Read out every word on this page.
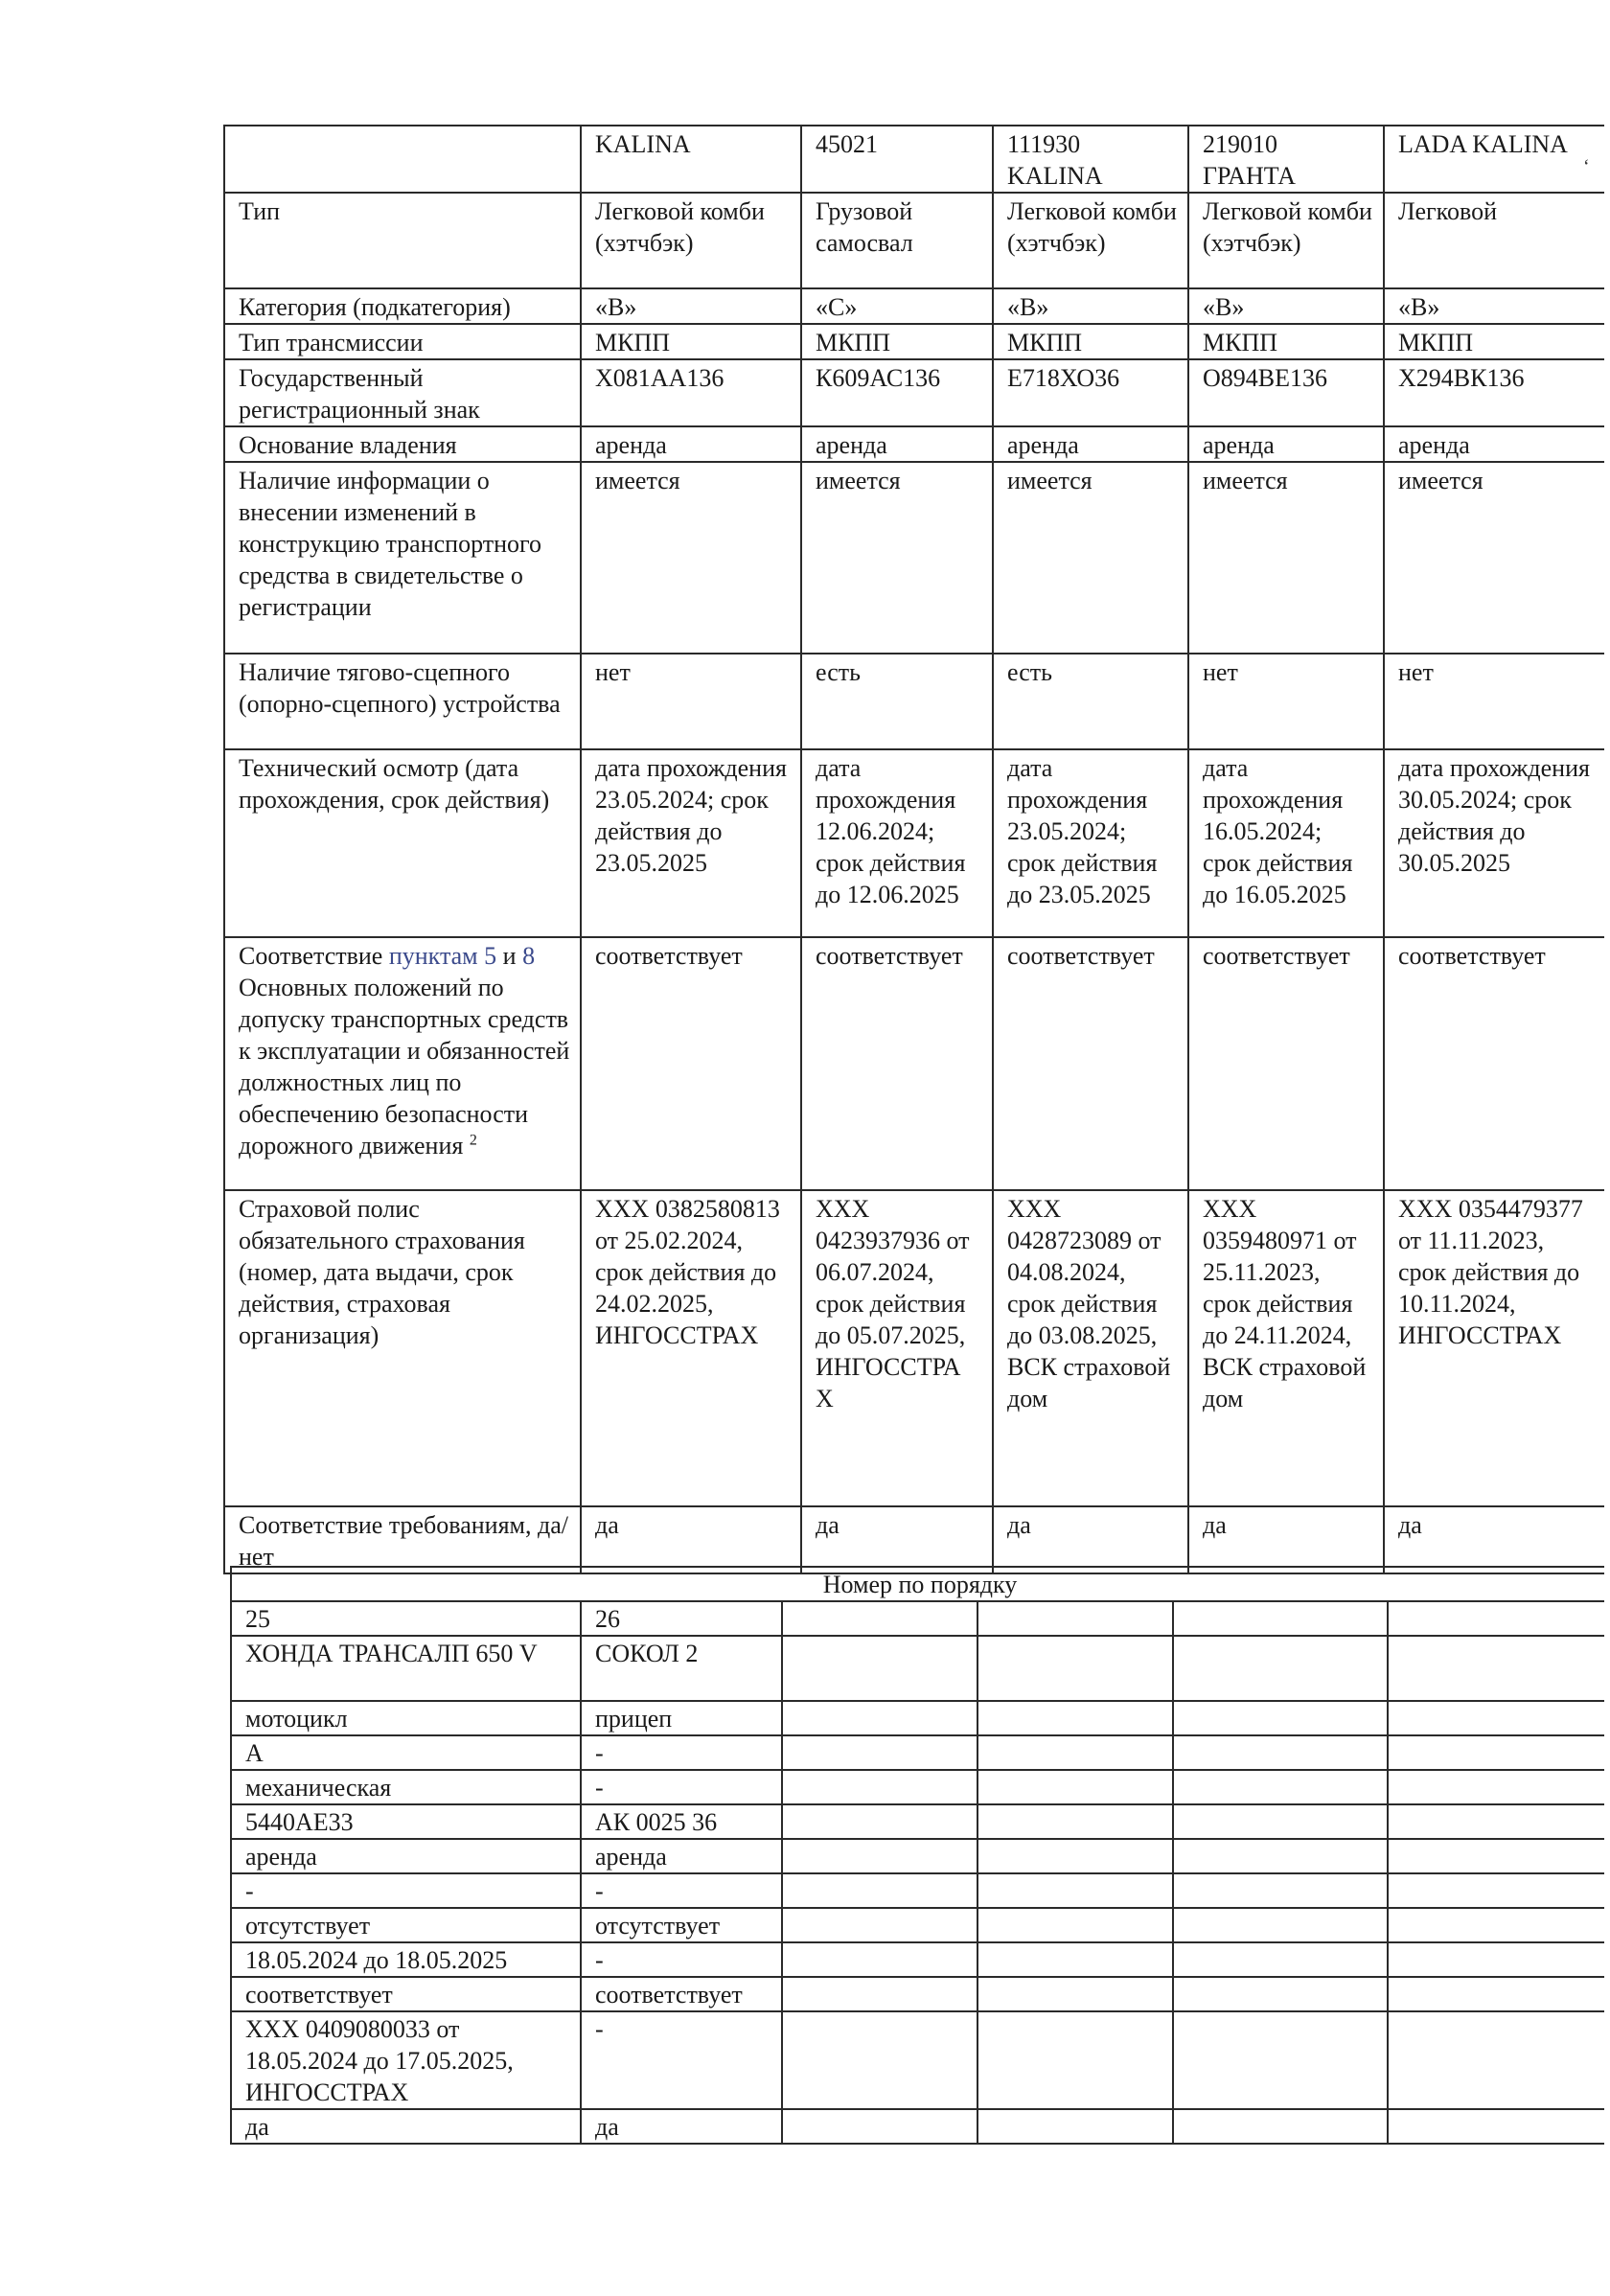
ʻ
	KALINA	45021	111930 KALINA	219010 ГРАНТА	LADA KALINA
Тип	Легковой комби (хэтчбэк)	Грузовой самосвал	Легковой комби (хэтчбэк)	Легковой комби (хэтчбэк)	Легковой
Категория (подкатегория)	«В»	«С»	«В»	«В»	«В»
Тип трансмиссии	МКПП	МКПП	МКПП	МКПП	МКПП
Государственный регистрационный знак	Х081АА136	К609АС136	Е718ХО36	О894ВЕ136	Х294ВК136
Основание владения	аренда	аренда	аренда	аренда	аренда
Наличие информации о внесении изменений в конструкцию транспортного средства в свидетельстве о регистрации	имеется	имеется	имеется	имеется	имеется
Наличие тягово-сцепного (опорно-сцепного) устройства	нет	есть	есть	нет	нет
Технический осмотр (дата прохождения, срок действия)	дата прохождения 23.05.2024; срок действия до 23.05.2025	дата прохождения 12.06.2024; срок действия до 12.06.2025	дата прохождения 23.05.2024; срок действия до 23.05.2025	дата прохождения 16.05.2024; срок действия до 16.05.2025	дата прохождения 30.05.2024; срок действия до 30.05.2025
Соответствие пунктам 5 и 8 Основных положений по допуску транспортных средств к эксплуатации и обязанностей должностных лиц по обеспечению безопасности дорожного движения $^2$	соответствует	соответствует	соответствует	соответствует	соответствует
Страховой полис обязательного страхования (номер, дата выдачи, срок действия, страховая организация)	ХХХ 0382580813 от 25.02.2024, срок действия до 24.02.2025, ИНГОССТРАХ	ХХХ 0423937936 от 06.07.2024, срок действия до 05.07.2025, ИНГОССТРА Х	ХХХ 0428723089 от 04.08.2024, срок действия до 03.08.2025, ВСК страховой дом	ХХХ 0359480971 от 25.11.2023, срок действия до 24.11.2024, ВСК страховой дом	ХХХ 0354479377 от 11.11.2023, срок действия до 10.11.2024, ИНГОССТРАХ
Соответствие требованиям, да/нет	да	да	да	да	да
Номер по порядку					
25	26				
ХОНДА ТРАНСАЛП 650 V	СОКОЛ 2				
мотоцикл	прицеп				
А	-				
механическая	-				
5440АЕ33	АК 0025 36				
аренда	аренда				
-	-				
отсутствует	отсутствует				
18.05.2024 до 18.05.2025	-				
соответствует	соответствует				
ХХХ 0409080033 от 18.05.2024 до 17.05.2025, ИНГОССТРАХ	-				
да	да				
